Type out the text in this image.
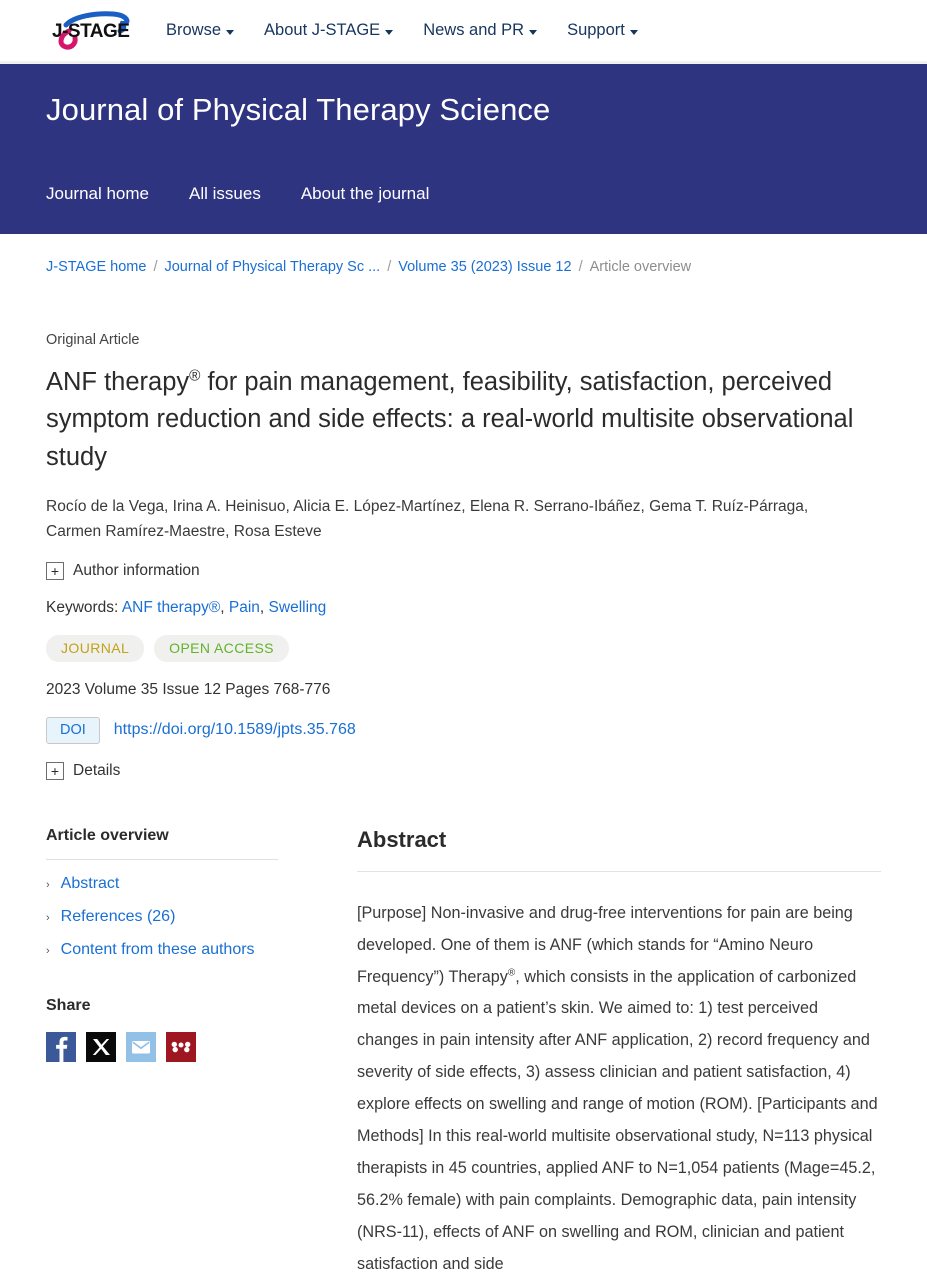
J-STAGE Browse	About J-STAGE	News and PR	Support
Journal of Physical Therapy Science
Journal home All issues About the journal
J-STAGE home / Journal of Physical Therapy Sc ... / Volume 35 (2023) Issue 12 / Article overview
Original Article
ANF therapy® for pain management, feasibility, satisfaction, perceived symptom reduction and side effects: a real-world multisite observational study
Rocío de la Vega, Irina A. Heinisuo, Alicia E. López-Martínez, Elena R. Serrano-Ibáñez, Gema T. Ruíz-Párraga, Carmen Ramírez-Maestre, Rosa Esteve
+ Author information
Keywords: ANF therapy®, Pain, Swelling
JOURNAL	OPEN ACCESS
2023 Volume 35 Issue 12 Pages 768-776
DOI	https://doi.org/10.1589/jpts.35.768
+ Details
Article overview
› Abstract
› References (26)
› Content from these authors
Share
Abstract
[Purpose] Non-invasive and drug-free interventions for pain are being developed. One of them is ANF (which stands for “Amino Neuro Frequency”) Therapy®, which consists in the application of carbonized metal devices on a patient’s skin. We aimed to: 1) test perceived changes in pain intensity after ANF application, 2) record frequency and severity of side effects, 3) assess clinician and patient satisfaction, 4) explore effects on swelling and range of motion (ROM). [Participants and Methods] In this real-world multisite observational study, N=113 physical therapists in 45 countries, applied ANF to N=1,054 patients (Mage=45.2, 56.2% female) with pain complaints. Demographic data, pain intensity (NRS-11), effects of ANF on swelling and ROM, clinician and patient satisfaction and side
